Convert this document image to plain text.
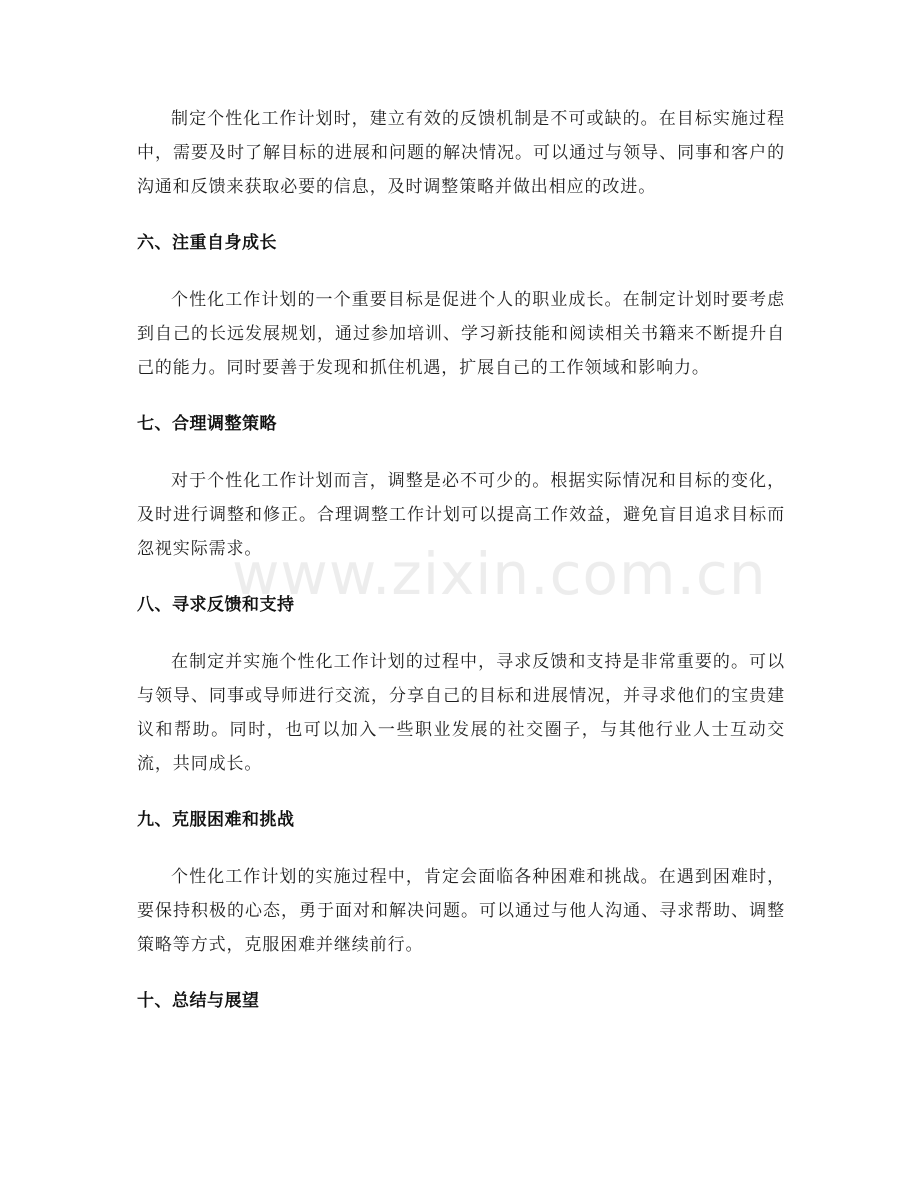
制定个性化工作计划时，建立有效的反馈机制是不可或缺的。在目标实施过程中，需要及时了解目标的进展和问题的解决情况。可以通过与领导、同事和客户的沟通和反馈来获取必要的信息，及时调整策略并做出相应的改进。

六、注重自身成长

个性化工作计划的一个重要目标是促进个人的职业成长。在制定计划时要考虑到自己的长远发展规划，通过参加培训、学习新技能和阅读相关书籍来不断提升自己的能力。同时要善于发现和抓住机遇，扩展自己的工作领域和影响力。

七、合理调整策略

对于个性化工作计划而言，调整是必不可少的。根据实际情况和目标的变化，及时进行调整和修正。合理调整工作计划可以提高工作效益，避免盲目追求目标而忽视实际需求。

八、寻求反馈和支持

在制定并实施个性化工作计划的过程中，寻求反馈和支持是非常重要的。可以与领导、同事或导师进行交流，分享自己的目标和进展情况，并寻求他们的宝贵建议和帮助。同时，也可以加入一些职业发展的社交圈子，与其他行业人士互动交流，共同成长。

九、克服困难和挑战

个性化工作计划的实施过程中，肯定会面临各种困难和挑战。在遇到困难时，要保持积极的心态，勇于面对和解决问题。可以通过与他人沟通、寻求帮助、调整策略等方式，克服困难并继续前行。

十、总结与展望
www.zixin.com.cn
